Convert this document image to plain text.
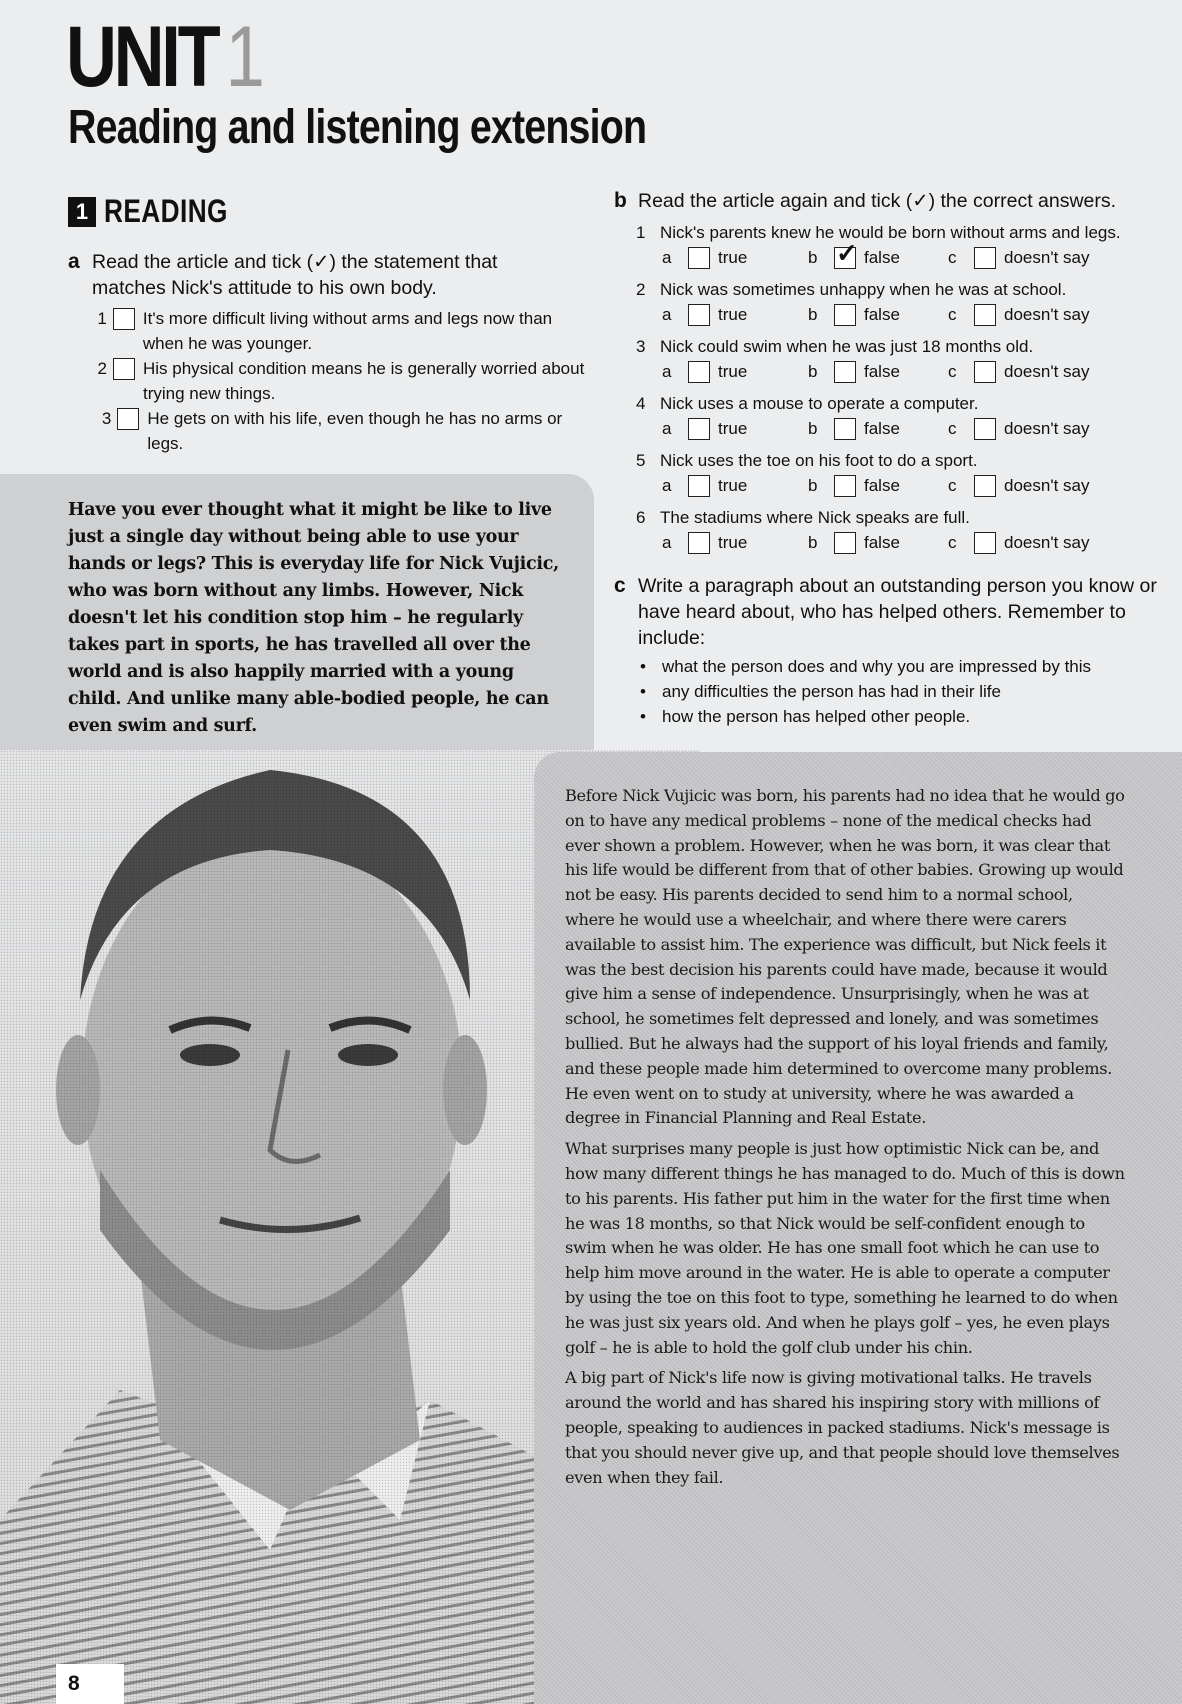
UNIT1
Reading and listening extension
1 READING
a Read the article and tick (✓) the statement that matches Nick's attitude to his own body.
1 It's more difficult living without arms and legs now than when he was younger.
2 His physical condition means he is generally worried about trying new things.
3 He gets on with his life, even though he has no arms or legs.
Have you ever thought what it might be like to live just a single day without being able to use your hands or legs? This is everyday life for Nick Vujicic, who was born without any limbs. However, Nick doesn't let his condition stop him – he regularly takes part in sports, he has travelled all over the world and is also happily married with a young child. And unlike many able-bodied people, he can even swim and surf.
b Read the article again and tick (✓) the correct answers.
1 Nick's parents knew he would be born without arms and legs.
a	true	b ✓ false	c	doesn't say
2 Nick was sometimes unhappy when he was at school.
a	true	b	false	c	doesn't say
3 Nick could swim when he was just 18 months old.
a	true	b	false	c	doesn't say
4 Nick uses a mouse to operate a computer.
a	true	b	false	c	doesn't say
5 Nick uses the toe on his foot to do a sport.
a	true	b	false	c	doesn't say
6 The stadiums where Nick speaks are full.
a	true	b	false	c	doesn't say
c Write a paragraph about an outstanding person you know or have heard about, who has helped others. Remember to include:
• what the person does and why you are impressed by this
• any difficulties the person has had in their life
• how the person has helped other people.

Before Nick Vujicic was born, his parents had no idea that he would go on to have any medical problems – none of the medical checks had ever shown a problem. However, when he was born, it was clear that his life would be different from that of other babies. Growing up would not be easy. His parents decided to send him to a normal school, where he would use a wheelchair, and where there were carers available to assist him. The experience was difficult, but Nick feels it was the best decision his parents could have made, because it would give him a sense of independence. Unsurprisingly, when he was at school, he sometimes felt depressed and lonely, and was sometimes bullied. But he always had the support of his loyal friends and family, and these people made him determined to overcome many problems. He even went on to study at university, where he was awarded a degree in Financial Planning and Real Estate.

What surprises many people is just how optimistic Nick can be, and how many different things he has managed to do. Much of this is down to his parents. His father put him in the water for the first time when he was 18 months, so that Nick would be self-confident enough to swim when he was older. He has one small foot which he can use to help him move around in the water. He is able to operate a computer by using the toe on this foot to type, something he learned to do when he was just six years old. And when he plays golf – yes, he even plays golf – he is able to hold the golf club under his chin.

A big part of Nick's life now is giving motivational talks. He travels around the world and has shared his inspiring story with millions of people, speaking to audiences in packed stadiums. Nick's message is that you should never give up, and that people should love themselves even when they fail.

8
